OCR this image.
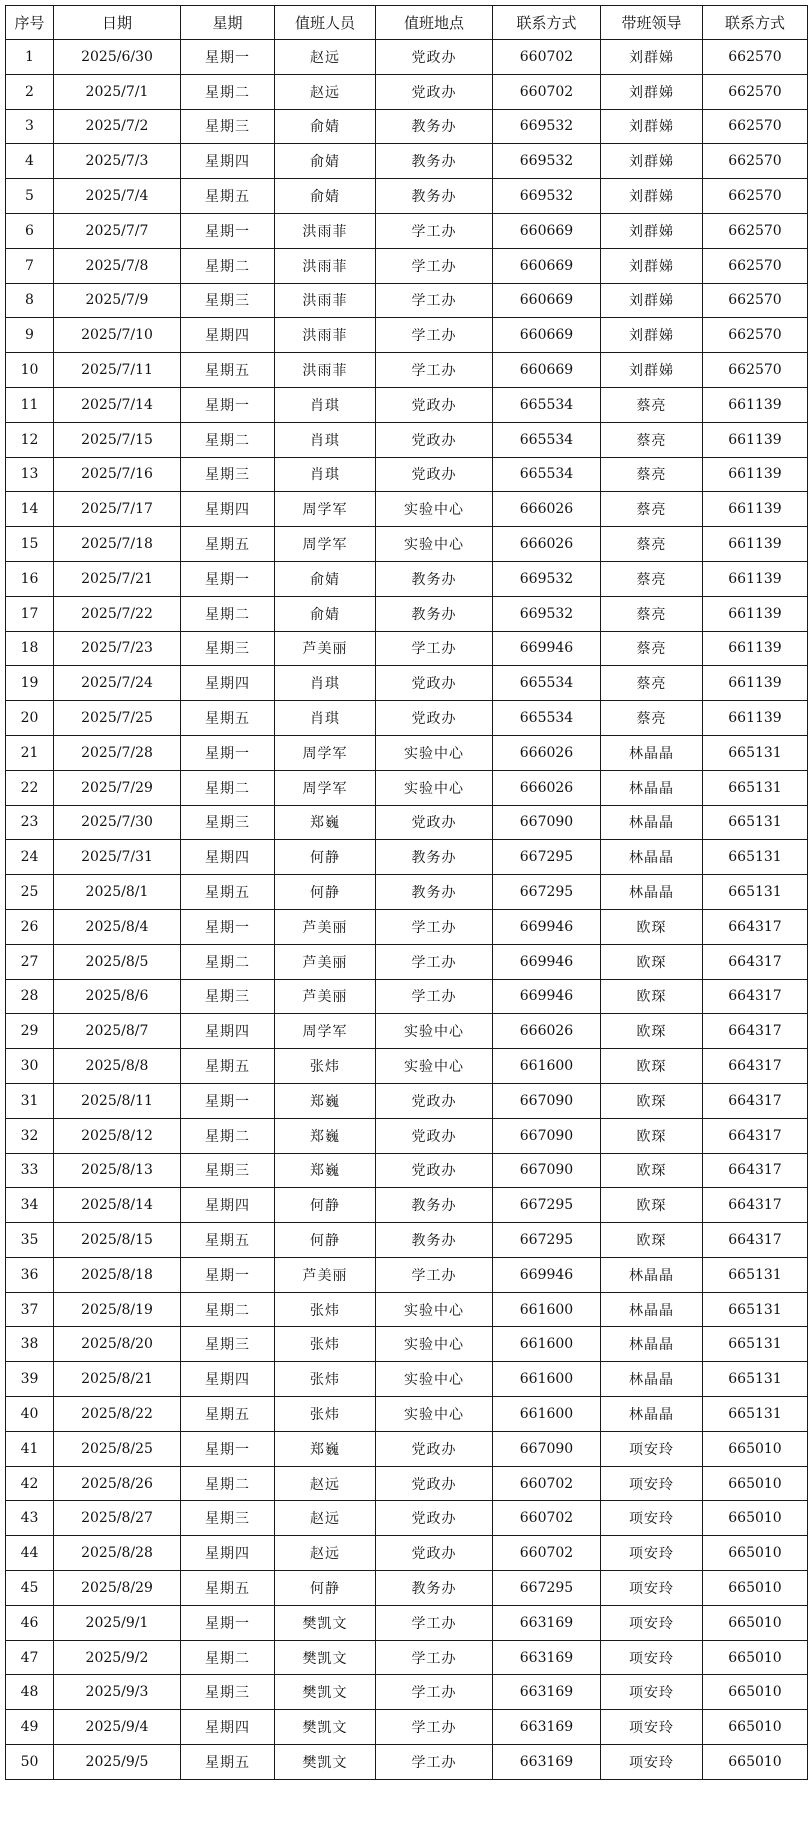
序号	日期	星期	值班人员	值班地点	联系方式	带班领导	联系方式
1	2025/6/30	星期一	赵远	党政办	660702	刘群娣	662570
2	2025/7/1	星期二	赵远	党政办	660702	刘群娣	662570
3	2025/7/2	星期三	俞婧	教务办	669532	刘群娣	662570
4	2025/7/3	星期四	俞婧	教务办	669532	刘群娣	662570
5	2025/7/4	星期五	俞婧	教务办	669532	刘群娣	662570
6	2025/7/7	星期一	洪雨菲	学工办	660669	刘群娣	662570
7	2025/7/8	星期二	洪雨菲	学工办	660669	刘群娣	662570
8	2025/7/9	星期三	洪雨菲	学工办	660669	刘群娣	662570
9	2025/7/10	星期四	洪雨菲	学工办	660669	刘群娣	662570
10	2025/7/11	星期五	洪雨菲	学工办	660669	刘群娣	662570
11	2025/7/14	星期一	肖琪	党政办	665534	蔡亮	661139
12	2025/7/15	星期二	肖琪	党政办	665534	蔡亮	661139
13	2025/7/16	星期三	肖琪	党政办	665534	蔡亮	661139
14	2025/7/17	星期四	周学军	实验中心	666026	蔡亮	661139
15	2025/7/18	星期五	周学军	实验中心	666026	蔡亮	661139
16	2025/7/21	星期一	俞婧	教务办	669532	蔡亮	661139
17	2025/7/22	星期二	俞婧	教务办	669532	蔡亮	661139
18	2025/7/23	星期三	芦美丽	学工办	669946	蔡亮	661139
19	2025/7/24	星期四	肖琪	党政办	665534	蔡亮	661139
20	2025/7/25	星期五	肖琪	党政办	665534	蔡亮	661139
21	2025/7/28	星期一	周学军	实验中心	666026	林晶晶	665131
22	2025/7/29	星期二	周学军	实验中心	666026	林晶晶	665131
23	2025/7/30	星期三	郑巍	党政办	667090	林晶晶	665131
24	2025/7/31	星期四	何静	教务办	667295	林晶晶	665131
25	2025/8/1	星期五	何静	教务办	667295	林晶晶	665131
26	2025/8/4	星期一	芦美丽	学工办	669946	欧琛	664317
27	2025/8/5	星期二	芦美丽	学工办	669946	欧琛	664317
28	2025/8/6	星期三	芦美丽	学工办	669946	欧琛	664317
29	2025/8/7	星期四	周学军	实验中心	666026	欧琛	664317
30	2025/8/8	星期五	张炜	实验中心	661600	欧琛	664317
31	2025/8/11	星期一	郑巍	党政办	667090	欧琛	664317
32	2025/8/12	星期二	郑巍	党政办	667090	欧琛	664317
33	2025/8/13	星期三	郑巍	党政办	667090	欧琛	664317
34	2025/8/14	星期四	何静	教务办	667295	欧琛	664317
35	2025/8/15	星期五	何静	教务办	667295	欧琛	664317
36	2025/8/18	星期一	芦美丽	学工办	669946	林晶晶	665131
37	2025/8/19	星期二	张炜	实验中心	661600	林晶晶	665131
38	2025/8/20	星期三	张炜	实验中心	661600	林晶晶	665131
39	2025/8/21	星期四	张炜	实验中心	661600	林晶晶	665131
40	2025/8/22	星期五	张炜	实验中心	661600	林晶晶	665131
41	2025/8/25	星期一	郑巍	党政办	667090	项安玲	665010
42	2025/8/26	星期二	赵远	党政办	660702	项安玲	665010
43	2025/8/27	星期三	赵远	党政办	660702	项安玲	665010
44	2025/8/28	星期四	赵远	党政办	660702	项安玲	665010
45	2025/8/29	星期五	何静	教务办	667295	项安玲	665010
46	2025/9/1	星期一	樊凯文	学工办	663169	项安玲	665010
47	2025/9/2	星期二	樊凯文	学工办	663169	项安玲	665010
48	2025/9/3	星期三	樊凯文	学工办	663169	项安玲	665010
49	2025/9/4	星期四	樊凯文	学工办	663169	项安玲	665010
50	2025/9/5	星期五	樊凯文	学工办	663169	项安玲	665010
